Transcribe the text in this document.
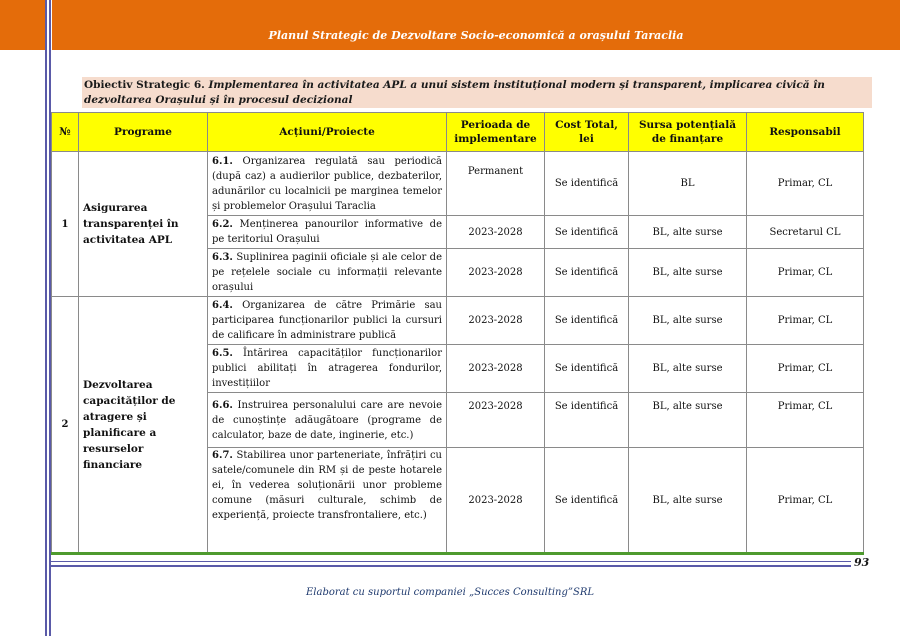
Planul Strategic de Dezvoltare Socio-economică a orașului Taraclia
Obiectiv Strategic 6. Implementarea în activitatea APL a unui sistem instituțional modern și transparent, implicarea civică în dezvoltarea Orașului și în procesul decizional
№	Programe	Acțiuni/Proiecte	Perioada de implementare	Cost Total, lei	Sursa potențială de finanțare	Responsabil
1	Asigurarea transparenței în activitatea APL	6.1. Organizarea regulată sau periodică (după caz) a audierilor publice, dezbaterilor, adunărilor cu localnicii pe marginea temelor și problemelor Orașului Taraclia	Permanent	Se identifică	BL	Primar, CL
		6.2. Menținerea panourilor informative de pe teritoriul Orașului	2023-2028	Se identifică	BL, alte surse	Secretarul CL
		6.3. Suplinirea paginii oficiale și ale celor de pe rețelele sociale cu informații relevante orașului	2023-2028	Se identifică	BL, alte surse	Primar, CL
2	Dezvoltarea capacităților de atragere și planificare a resurselor financiare	6.4. Organizarea de către Primărie sau participarea funcționarilor publici la cursuri de calificare în administrare publică	2023-2028	Se identifică	BL, alte surse	Primar, CL
		6.5. Întărirea capacităților funcționarilor publici abilitați în atragerea fondurilor, investițiilor	2023-2028	Se identifică	BL, alte surse	Primar, CL
		6.6. Instruirea personalului care are nevoie de cunoștințe adăugătoare (programe de calculator, baze de date, inginerie, etc.)	2023-2028	Se identifică	BL, alte surse	Primar, CL
		6.7. Stabilirea unor parteneriate, înfrățiri cu satele/comunele din RM și de peste hotarele ei, în vederea soluționării unor probleme comune (măsuri culturale, schimb de experiență, proiecte transfrontaliere, etc.)	2023-2028	Se identifică	BL, alte surse	Primar, CL
93
Elaborat cu suportul companiei „Succes Consulting”SRL
